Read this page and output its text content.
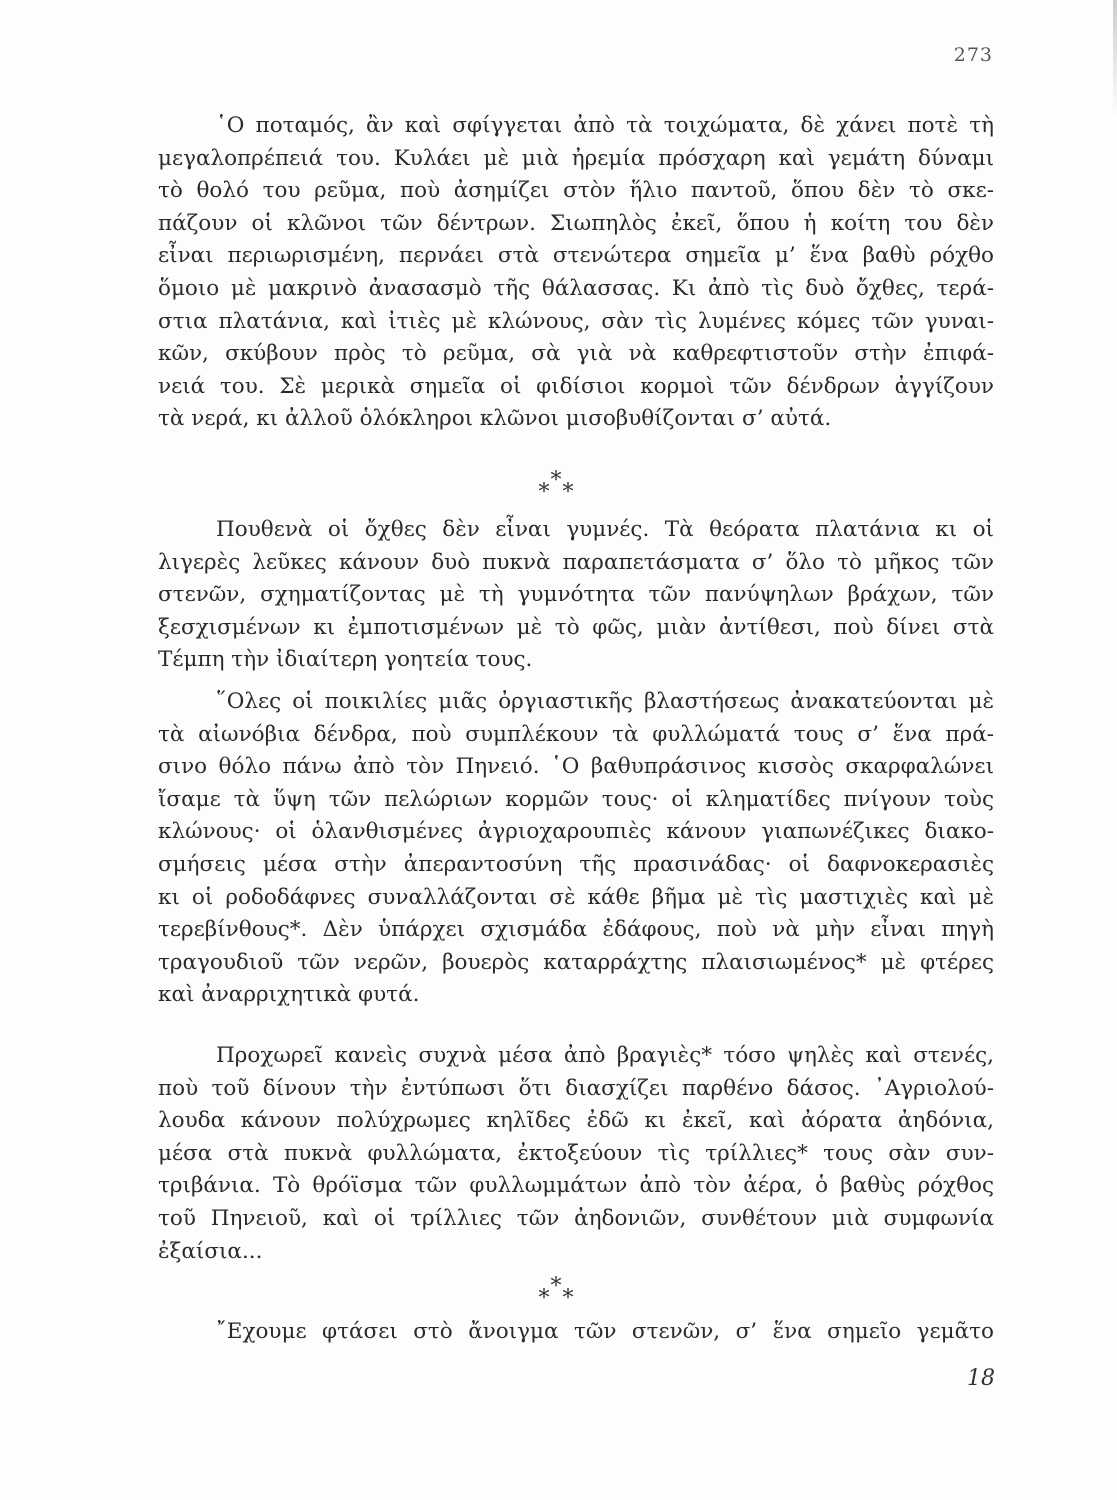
273
῾Ο ποταμός, ἂν καὶ σφίγγεται ἀπὸ τὰ τοιχώματα, δὲ χάνει ποτὲ τὴ
μεγαλοπρέπειά του. Κυλάει μὲ μιὰ ἠρεμία πρόσχαρη καὶ γεμάτη δύναμι
τὸ θολό του ρεῦμα, ποὺ ἀσημίζει στὸν ἥλιο παντοῦ, ὅπου δὲν τὸ σκε-
πάζουν οἱ κλῶνοι τῶν δέντρων. Σιωπηλὸς ἐκεῖ, ὅπου ἡ κοίτη του δὲν
εἶναι περιωρισμένη, περνάει στὰ στενώτερα σημεῖα μ’ ἕνα βαθὺ ρόχθο
ὅμοιο μὲ μακρινὸ ἀνασασμὸ τῆς θάλασσας. Κι ἀπὸ τὶς δυὸ ὄχθες, τερά-
στια πλατάνια, καὶ ἰτιὲς μὲ κλώνους, σὰν τὶς λυμένες κόμες τῶν γυναι-
κῶν, σκύβουν πρὸς τὸ ρεῦμα, σὰ γιὰ νὰ καθρεφτιστοῦν στὴν ἐπιφά-
νειά του. Σὲ μερικὰ σημεῖα οἱ φιδίσιοι κορμοὶ τῶν δένδρων ἀγγίζουν
τὰ νερά, κι ἀλλοῦ ὁλόκληροι κλῶνοι μισοβυθίζονται σ’ αὐτά.
* * *
Πουθενὰ οἱ ὄχθες δὲν εἶναι γυμνές. Τὰ θεόρατα πλατάνια κι οἱ
λιγερὲς λεῦκες κάνουν δυὸ πυκνὰ παραπετάσματα σ’ ὅλο τὸ μῆκος τῶν
στενῶν, σχηματίζοντας μὲ τὴ γυμνότητα τῶν πανύψηλων βράχων, τῶν
ξεσχισμένων κι ἐμποτισμένων μὲ τὸ φῶς, μιὰν ἀντίθεσι, ποὺ δίνει στὰ
Τέμπη τὴν ἰδιαίτερη γοητεία τους.
῞Ολες οἱ ποικιλίες μιᾶς ὀργιαστικῆς βλαστήσεως ἀνακατεύονται μὲ
τὰ αἰωνόβια δένδρα, ποὺ συμπλέκουν τὰ φυλλώματά τους σ’ ἕνα πρά-
σινο θόλο πάνω ἀπὸ τὸν Πηνειό. ῾Ο βαθυπράσινος κισσὸς σκαρφαλώνει
ἴσαμε τὰ ὕψη τῶν πελώριων κορμῶν τους· οἱ κληματίδες πνίγουν τοὺς
κλώνους· οἱ ὁλανθισμένες ἀγριοχαρουπιὲς κάνουν γιαπωνέζικες διακο-
σμήσεις μέσα στὴν ἀπεραντοσύνη τῆς πρασινάδας· οἱ δαφνοκερασιὲς
κι οἱ ροδοδάφνες συναλλάζονται σὲ κάθε βῆμα μὲ τὶς μαστιχιὲς καὶ μὲ
τερεβίνθους*. Δὲν ὑπάρχει σχισμάδα ἐδάφους, ποὺ νὰ μὴν εἶναι πηγὴ
τραγουδιοῦ τῶν νερῶν, βουερὸς καταρράχτης πλαισιωμένος* μὲ φτέρες
καὶ ἀναρριχητικὰ φυτά.
Προχωρεῖ κανεὶς συχνὰ μέσα ἀπὸ βραγιὲς* τόσο ψηλὲς καὶ στενές,
ποὺ τοῦ δίνουν τὴν ἐντύπωσι ὅτι διασχίζει παρθένο δάσος. ᾽Αγριολού-
λουδα κάνουν πολύχρωμες κηλῖδες ἐδῶ κι ἐκεῖ, καὶ ἀόρατα ἀηδόνια,
μέσα στὰ πυκνὰ φυλλώματα, ἐκτοξεύουν τὶς τρίλλιες* τους σὰν συν-
τριβάνια. Τὸ θρόϊσμα τῶν φυλλωμμάτων ἀπὸ τὸν ἀέρα, ὁ βαθὺς ρόχθος
τοῦ Πηνειοῦ, καὶ οἱ τρίλλιες τῶν ἀηδονιῶν, συνθέτουν μιὰ συμφωνία
ἐξαίσια...
* * *
῎Εχουμε φτάσει στὸ ἄνοιγμα τῶν στενῶν, σ’ ἕνα σημεῖο γεμᾶτο
18
